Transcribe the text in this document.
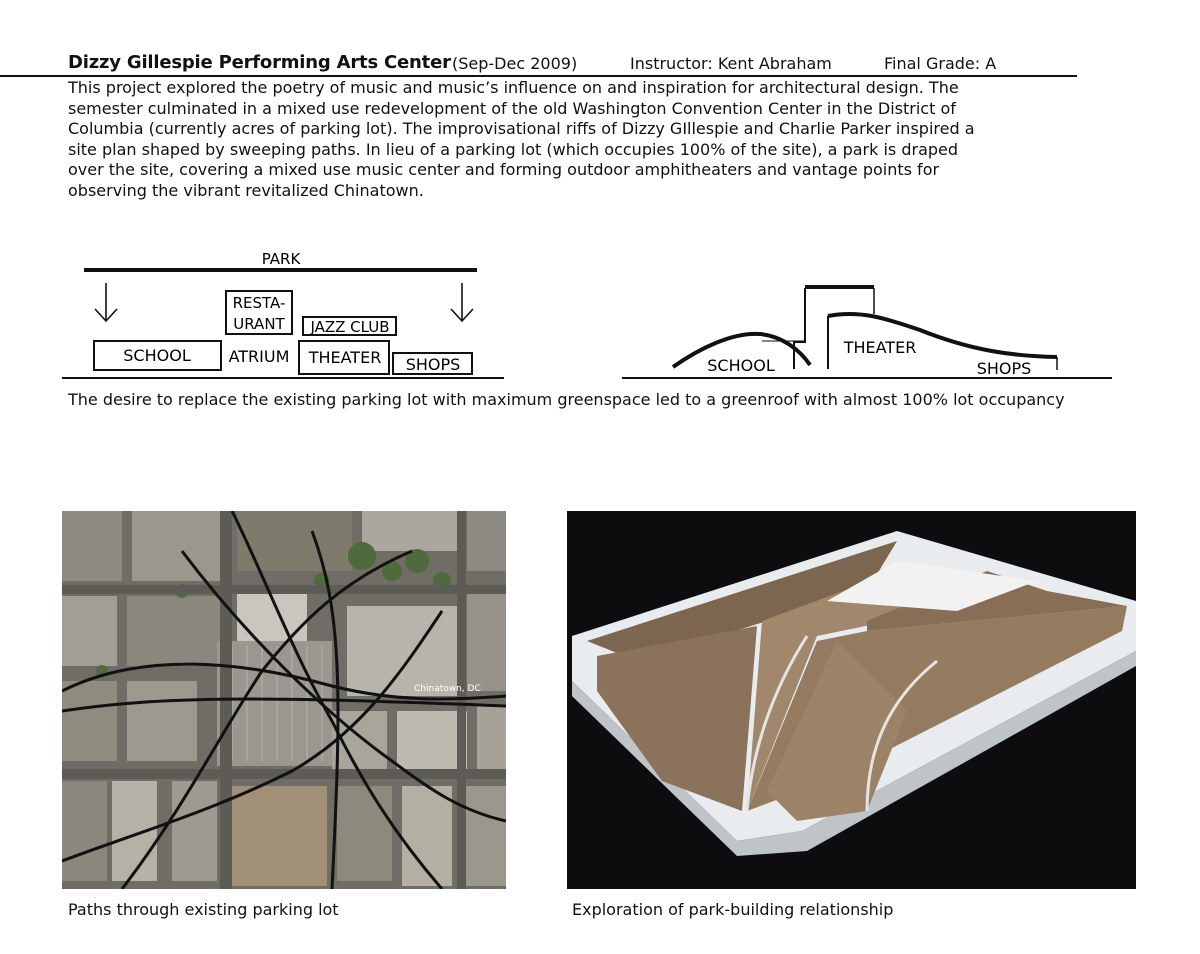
Dizzy Gillespie Performing Arts Center (Sep-Dec 2009)	Instructor: Kent Abraham	Final Grade: A

This project explored the poetry of music and music’s influence on and inspiration for architectural design. The

semester culminated in a mixed use redevelopment of the old Washington Convention Center in the District of

Columbia (currently acres of parking lot). The improvisational riffs of Dizzy GIllespie and Charlie Parker inspired a

site plan shaped by sweeping paths. In lieu of a parking lot (which occupies 100% of the site), a park is draped

over the site, covering a mixed use music center and forming outdoor amphitheaters and vantage points for

observing the vibrant revitalized Chinatown.

PARK
RESTA-
URANT JAZZ CLUB
SCHOOL ATRIUM THEATER SHOPS	SCHOOL
THEATER
SHOPS
The desire to replace the existing parking lot with maximum greenspace led to a greenroof with almost 100% lot occupancy
Chinatown, DC
Paths through existing parking lot	Exploration of park-building relationship
